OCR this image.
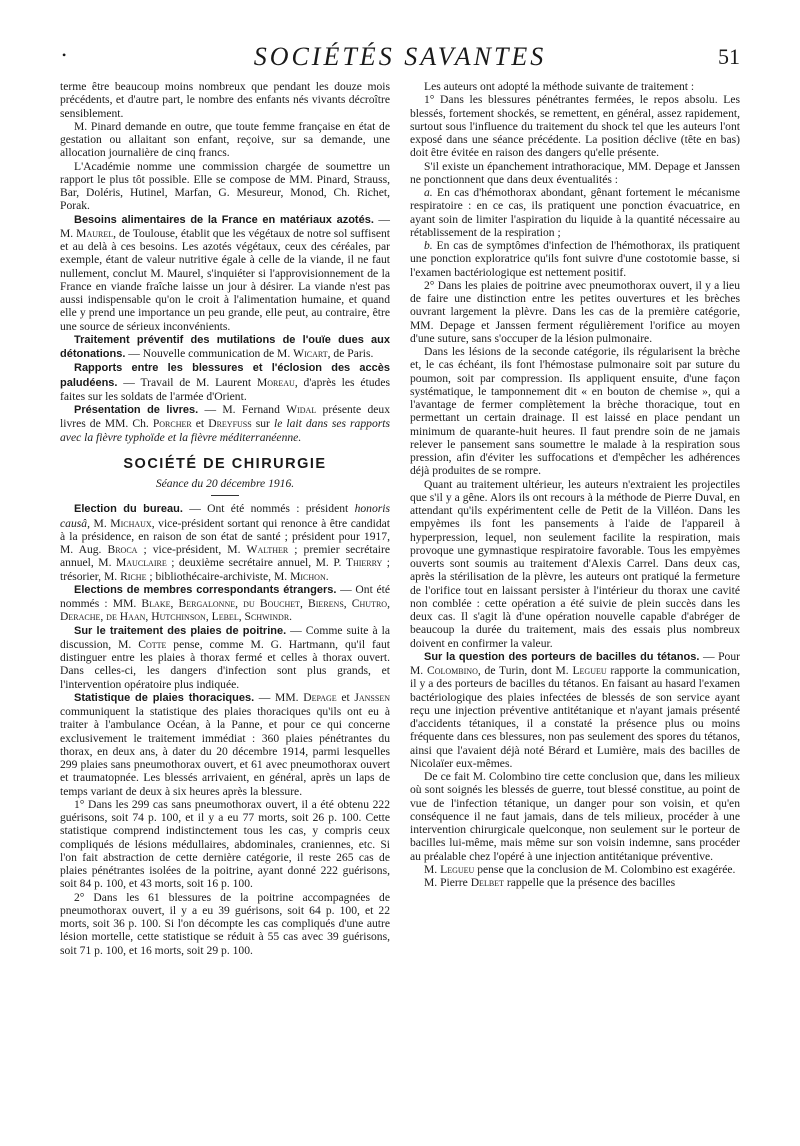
•	SOCIÉTÉS SAVANTES	51

terme être beaucoup moins nombreux que pendant les douze mois précédents, et d'autre part, le nombre des enfants nés vivants décroître sensiblement.

M. Pinard demande en outre, que toute femme française en état de gestation ou allaitant son enfant, reçoive, sur sa demande, une allocation journalière de cinq francs.

L'Académie nomme une commission chargée de soumettre un rapport le plus tôt possible. Elle se compose de MM. Pinard, Strauss, Bar, Doléris, Hutinel, Marfan, G. Mesureur, Monod, Ch. Richet, Porak.

Besoins alimentaires de la France en matériaux azotés. — M. Maurel, de Toulouse, établit que les végétaux de notre sol suffisent et au delà à ces besoins. Les azotés végétaux, ceux des céréales, par exemple, étant de valeur nutritive égale à celle de la viande, il ne faut nullement, conclut M. Maurel, s'inquiéter si l'approvisionnement de la France en viande fraîche laisse un jour à désirer. La viande n'est pas aussi indispensable qu'on le croit à l'alimentation humaine, et quand elle y prend une importance un peu grande, elle peut, au contraire, être une source de sérieux inconvénients.

Traitement préventif des mutilations de l'ouïe dues aux détonations. — Nouvelle communication de M. Wicart, de Paris.

Rapports entre les blessures et l'éclosion des accès paludéens. — Travail de M. Laurent Moreau, d'après les études faites sur les soldats de l'armée d'Orient.

Présentation de livres. — M. Fernand Widal présente deux livres de MM. Ch. Porcher et Dreyfuss sur le lait dans ses rapports avec la fièvre typhoïde et la fièvre méditerranéenne.

SOCIÉTÉ DE CHIRURGIE
Séance du 20 décembre 1916.

Election du bureau. — Ont été nommés : président honoris causâ, M. Michaux, vice-président sortant qui renonce à être candidat à la présidence, en raison de son état de santé ; président pour 1917, M. Aug. Broca ; vice-président, M. Walther ; premier secrétaire annuel, M. Mauclaire ; deuxième secrétaire annuel, M. P. Thierry ; trésorier, M. Riche ; bibliothécaire-archiviste, M. Michon.

Elections de membres correspondants étrangers. — Ont été nommés : MM. Blake, Bergalonne, du Bouchet, Bierens, Chutro, Derache, de Haan, Hutchinson, Lebel, Schwindr.

Sur le traitement des plaies de poitrine. — Comme suite à la discussion, M. Cotte pense, comme M. G. Hartmann, qu'il faut distinguer entre les plaies à thorax fermé et celles à thorax ouvert. Dans celles-ci, les dangers d'infection sont plus grands, et l'intervention opératoire plus indiquée.

Statistique de plaies thoraciques. — MM. Depage et Janssen communiquent la statistique des plaies thoraciques qu'ils ont eu à traiter à l'ambulance Océan, à la Panne, et pour ce qui concerne exclusivement le traitement immédiat : 360 plaies pénétrantes du thorax, en deux ans, à dater du 20 décembre 1914, parmi lesquelles 299 plaies sans pneumothorax ouvert, et 61 avec pneumothorax ouvert et traumatopnée. Les blessés arrivaient, en général, après un laps de temps variant de deux à six heures après la blessure.

1° Dans les 299 cas sans pneumothorax ouvert, il a été obtenu 222 guérisons, soit 74 p. 100, et il y a eu 77 morts, soit 26 p. 100. Cette statistique comprend indistinctement tous les cas, y compris ceux compliqués de lésions médullaires, abdominales, craniennes, etc. Si l'on fait abstraction de cette dernière catégorie, il reste 265 cas de plaies pénétrantes isolées de la poitrine, ayant donné 222 guérisons, soit 84 p. 100, et 43 morts, soit 16 p. 100.

2° Dans les 61 blessures de la poitrine accompagnées de pneumothorax ouvert, il y a eu 39 guérisons, soit 64 p. 100, et 22 morts, soit 36 p. 100. Si l'on décompte les cas compliqués d'une autre lésion mortelle, cette statistique se réduit à 55 cas avec 39 guérisons, soit 71 p. 100, et 16 morts, soit 29 p. 100.

Les auteurs ont adopté la méthode suivante de traitement :

1° Dans les blessures pénétrantes fermées, le repos absolu. Les blessés, fortement shockés, se remettent, en général, assez rapidement, surtout sous l'influence du traitement du shock tel que les auteurs l'ont exposé dans une séance précédente. La position déclive (tête en bas) doit être évitée en raison des dangers qu'elle présente.

S'il existe un épanchement intrathoracique, MM. Depage et Janssen ne ponctionnent que dans deux éventualités :

a. En cas d'hémothorax abondant, gênant fortement le mécanisme respiratoire : en ce cas, ils pratiquent une ponction évacuatrice, en ayant soin de limiter l'aspiration du liquide à la quantité nécessaire au rétablissement de la respiration ;

b. En cas de symptômes d'infection de l'hémothorax, ils pratiquent une ponction exploratrice qu'ils font suivre d'une costotomie basse, si l'examen bactériologique est nettement positif.

2° Dans les plaies de poitrine avec pneumothorax ouvert, il y a lieu de faire une distinction entre les petites ouvertures et les brèches ouvrant largement la plèvre. Dans les cas de la première catégorie, MM. Depage et Janssen ferment régulièrement l'orifice au moyen d'une suture, sans s'occuper de la lésion pulmonaire.

Dans les lésions de la seconde catégorie, ils régularisent la brèche et, le cas échéant, ils font l'hémostase pulmonaire soit par suture du poumon, soit par compression. Ils appliquent ensuite, d'une façon systématique, le tamponnement dit « en bouton de chemise », qui a l'avantage de fermer complètement la brèche thoracique, tout en permettant un certain drainage. Il est laissé en place pendant un minimum de quarante-huit heures. Il faut prendre soin de ne jamais relever le pansement sans soumettre le malade à la respiration sous pression, afin d'éviter les suffocations et d'empêcher les adhérences déjà produites de se rompre.

Quant au traitement ultérieur, les auteurs n'extraient les projectiles que s'il y a gêne. Alors ils ont recours à la méthode de Pierre Duval, en attendant qu'ils expérimentent celle de Petit de la Villéon. Dans les empyèmes ils font les pansements à l'aide de l'appareil à hyperpression, lequel, non seulement facilite la respiration, mais provoque une gymnastique respiratoire favorable. Tous les empyèmes ouverts sont soumis au traitement d'Alexis Carrel. Dans deux cas, après la stérilisation de la plèvre, les auteurs ont pratiqué la fermeture de l'orifice tout en laissant persister à l'intérieur du thorax une cavité non comblée : cette opération a été suivie de plein succès dans les deux cas. Il s'agit là d'une opération nouvelle capable d'abréger de beaucoup la durée du traitement, mais des essais plus nombreux doivent en confirmer la valeur.

Sur la question des porteurs de bacilles du tétanos. — Pour M. Colombino, de Turin, dont M. Legueu rapporte la communication, il y a des porteurs de bacilles du tétanos. En faisant au hasard l'examen bactériologique des plaies infectées de blessés de son service ayant reçu une injection préventive antitétanique et n'ayant jamais présenté d'accidents tétaniques, il a constaté la présence plus ou moins fréquente dans ces blessures, non pas seulement des spores du tétanos, ainsi que l'avaient déjà noté Bérard et Lumière, mais des bacilles de Nicolaïer eux-mêmes.

De ce fait M. Colombino tire cette conclusion que, dans les milieux où sont soignés les blessés de guerre, tout blessé constitue, au point de vue de l'infection tétanique, un danger pour son voisin, et qu'en conséquence il ne faut jamais, dans de tels milieux, procéder à une intervention chirurgicale quelconque, non seulement sur le porteur de bacilles lui-même, mais même sur son voisin indemne, sans procéder au préalable chez l'opéré à une injection antitétanique préventive.

M. Legueu pense que la conclusion de M. Colombino est exagérée.

M. Pierre Delbet rappelle que la présence des bacilles
